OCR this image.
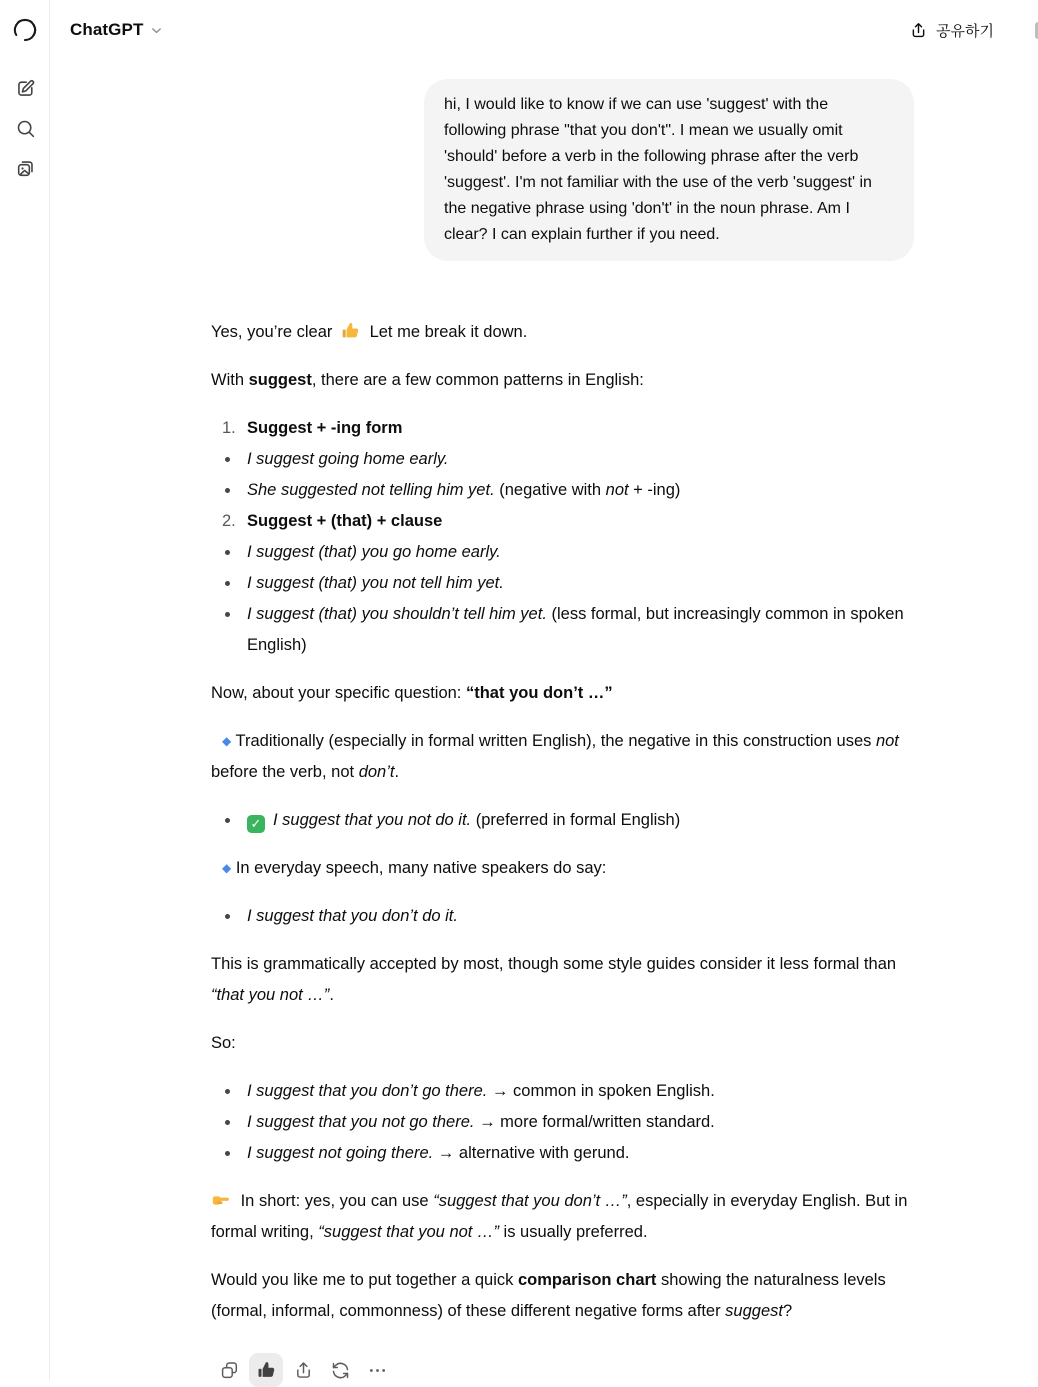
ChatGPT	공유하기
hi, I would like to know if we can use 'suggest' with the following phrase "that you don't". I mean we usually omit 'should' before a verb in the following phrase after the verb 'suggest'. I'm not familiar with the use of the verb 'suggest' in the negative phrase using 'don't' in the noun phrase. Am I clear? I can explain further if you need.

Yes, you’re clear  Let me break it down.

With suggest, there are a few common patterns in English:

1. Suggest + -ing form
I suggest going home early.
She suggested not telling him yet. (negative with not + -ing)
2. Suggest + (that) + clause
I suggest (that) you go home early.
I suggest (that) you not tell him yet.
I suggest (that) you shouldn’t tell him yet. (less formal, but increasingly common in spoken English)

Now, about your specific question: “that you don’t …”

◆ Traditionally (especially in formal written English), the negative in this construction uses not before the verb, not don’t.

✓ I suggest that you not do it. (preferred in formal English)

◆ In everyday speech, many native speakers do say:

I suggest that you don’t do it.

This is grammatically accepted by most, though some style guides consider it less formal than “that you not …”.

So:

I suggest that you don’t go there. → common in spoken English.
I suggest that you not go there. → more formal/written standard.
I suggest not going there. → alternative with gerund.

In short: yes, you can use “suggest that you don’t …”, especially in everyday English. But in formal writing, “suggest that you not …” is usually preferred.

Would you like me to put together a quick comparison chart showing the naturalness levels (formal, informal, commonness) of these different negative forms after suggest?
